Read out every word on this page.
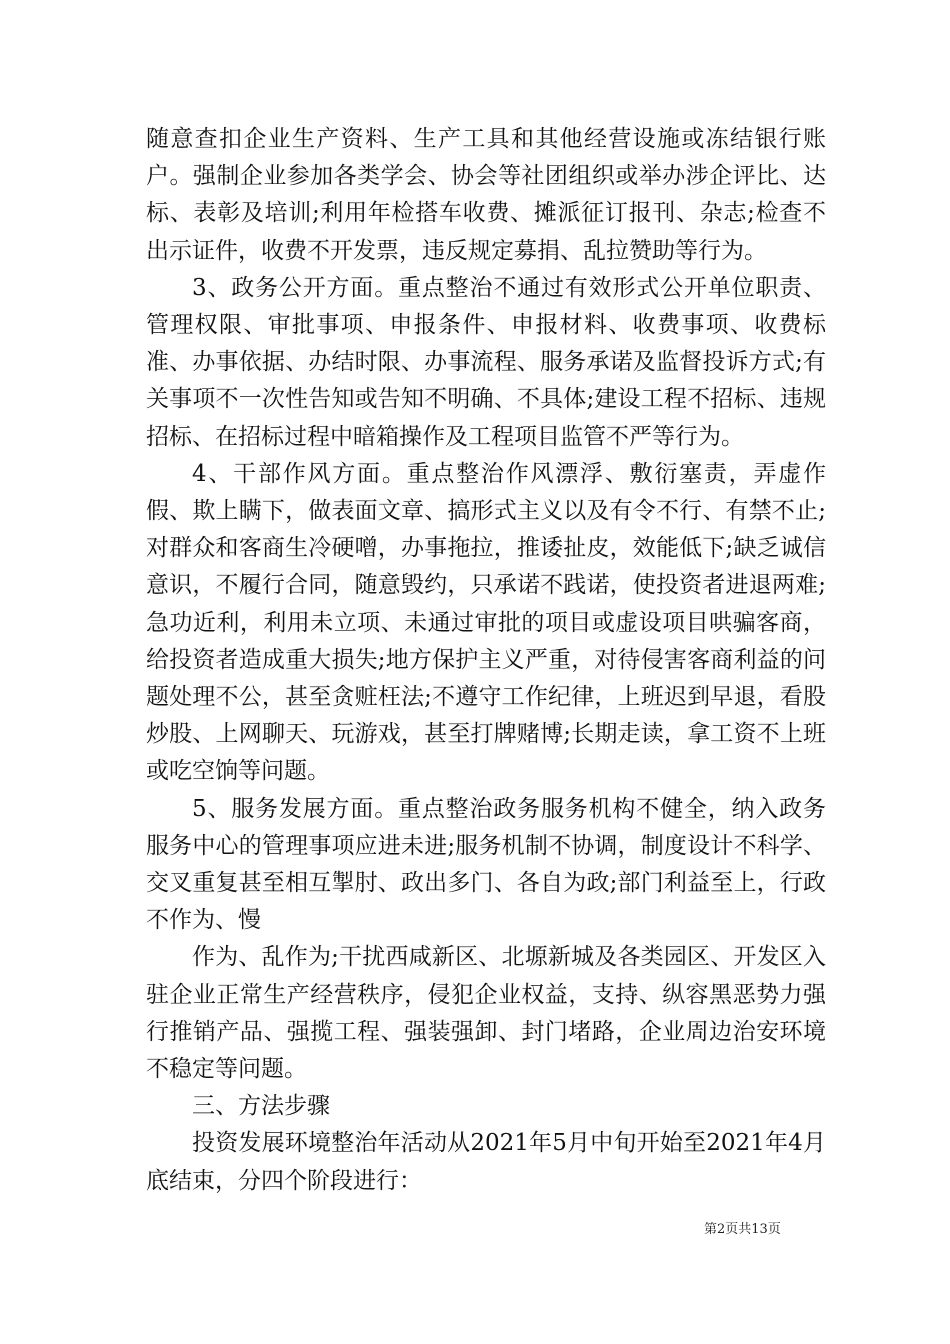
随意查扣企业生产资料、生产工具和其他经营设施或冻结银行账户。强制企业参加各类学会、协会等社团组织或举办涉企评比、达标、表彰及培训;利用年检搭车收费、摊派征订报刊、杂志;检查不出示证件，收费不开发票，违反规定募捐、乱拉赞助等行为。

3、政务公开方面。重点整治不通过有效形式公开单位职责、管理权限、审批事项、申报条件、申报材料、收费事项、收费标准、办事依据、办结时限、办事流程、服务承诺及监督投诉方式;有关事项不一次性告知或告知不明确、不具体;建设工程不招标、违规招标、在招标过程中暗箱操作及工程项目监管不严等行为。

4、干部作风方面。重点整治作风漂浮、敷衍塞责，弄虚作假、欺上瞒下，做表面文章、搞形式主义以及有令不行、有禁不止;对群众和客商生冷硬噌，办事拖拉，推诿扯皮，效能低下;缺乏诚信意识，不履行合同，随意毁约，只承诺不践诺，使投资者进退两难;急功近利，利用未立项、未通过审批的项目或虚设项目哄骗客商，给投资者造成重大损失;地方保护主义严重，对待侵害客商利益的问题处理不公，甚至贪赃枉法;不遵守工作纪律，上班迟到早退，看股炒股、上网聊天、玩游戏，甚至打牌赌博;长期走读，拿工资不上班或吃空饷等问题。

5、服务发展方面。重点整治政务服务机构不健全，纳入政务服务中心的管理事项应进未进;服务机制不协调，制度设计不科学、交叉重复甚至相互掣肘、政出多门、各自为政;部门利益至上，行政不作为、慢

作为、乱作为;干扰西咸新区、北塬新城及各类园区、开发区入驻企业正常生产经营秩序，侵犯企业权益，支持、纵容黑恶势力强行推销产品、强揽工程、强装强卸、封门堵路，企业周边治安环境不稳定等问题。

三、方法步骤

投资发展环境整治年活动从2021年5月中旬开始至2021年4月底结束，分四个阶段进行：

第2页共13页
